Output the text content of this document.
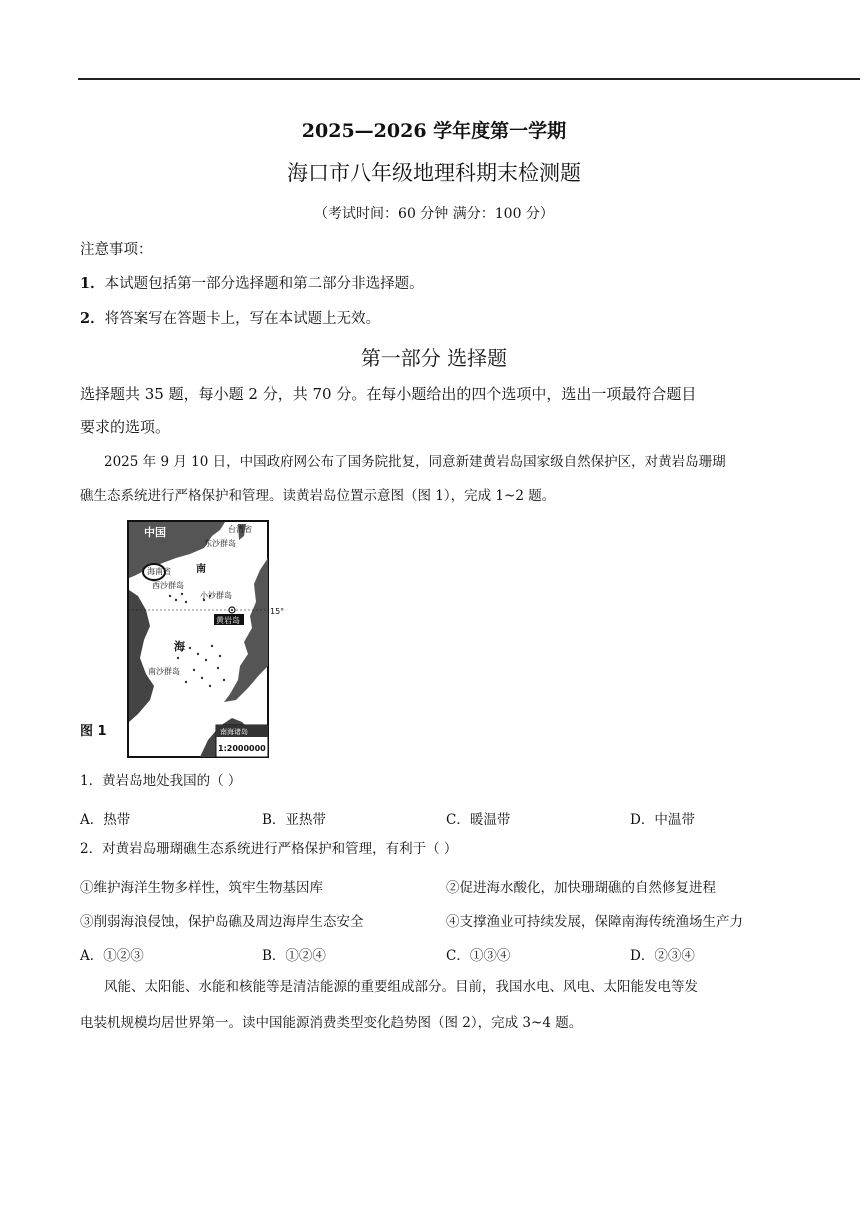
2025—2026 学年度第一学期
海口市八年级地理科期末检测题
（考试时间：60 分钟 满分：100 分）
注意事项：
1．本试题包括第一部分选择题和第二部分非选择题。
2．将答案写在答题卡上，写在本试题上无效。
第一部分 选择题
选择题共 35 题，每小题 2 分，共 70 分。在每小题给出的四个选项中，选出一项最符合题目
要求的选项。
2025 年 9 月 10 日，中国政府网公布了国务院批复，同意新建黄岩岛国家级自然保护区，对黄岩岛珊瑚
礁生态系统进行严格保护和管理。读黄岩岛位置示意图（图 1），完成 1~2 题。
图 1
15°
黄岩岛
中国	台湾省
东沙群岛
海南省	南
西沙群岛
小沙群岛
海
南沙群岛
南海诸岛
1:2000000
1．黄岩岛地处我国的（ ）
A．热带	B．亚热带	C．暖温带	D．中温带
2．对黄岩岛珊瑚礁生态系统进行严格保护和管理，有利于（ ）
①维护海洋生物多样性，筑牢生物基因库	②促进海水酸化，加快珊瑚礁的自然修复进程
③削弱海浪侵蚀，保护岛礁及周边海岸生态安全	④支撑渔业可持续发展，保障南海传统渔场生产力
A．①②③	B．①②④	C．①③④	D．②③④
风能、太阳能、水能和核能等是清洁能源的重要组成部分。目前，我国水电、风电、太阳能发电等发
电装机规模均居世界第一。读中国能源消费类型变化趋势图（图 2），完成 3~4 题。
